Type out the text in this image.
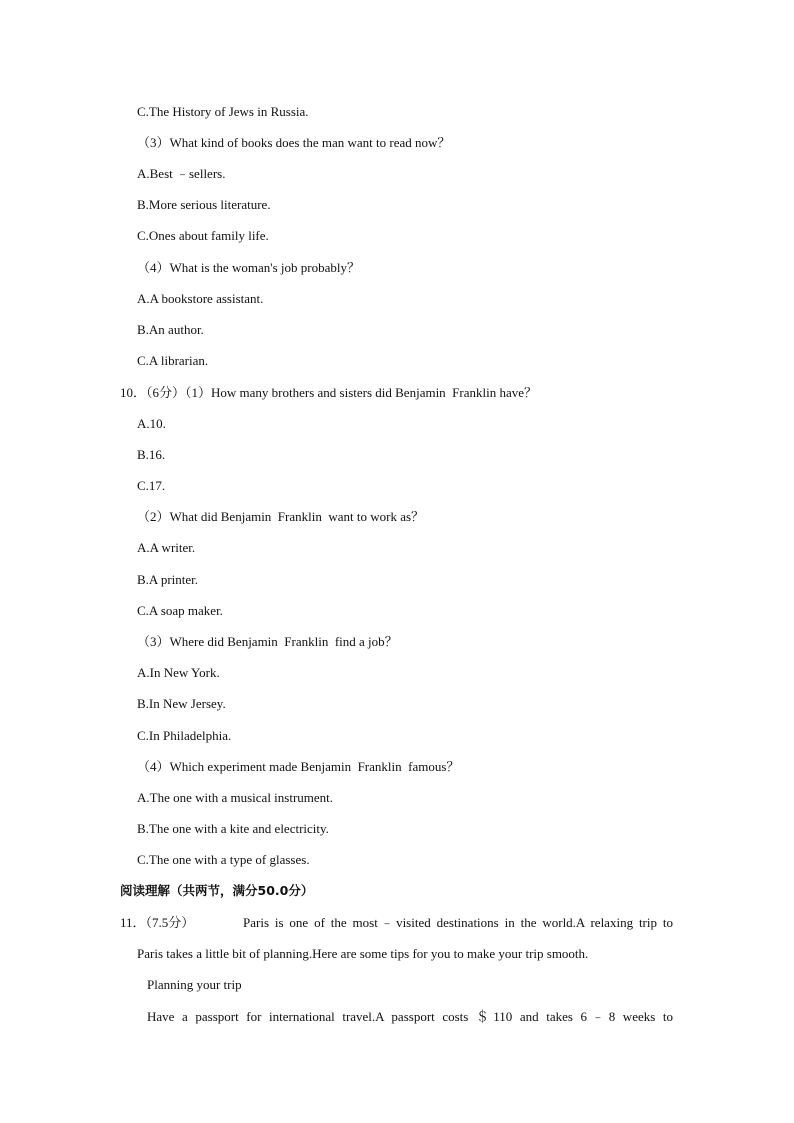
C.The History of Jews in Russia.
（3）What kind of books does the man want to read now？
A.Best ﹣sellers.
B.More serious literature.
C.Ones about family life.
（4）What is the woman's job probably？
A.A bookstore assistant.
B.An author.
C.A librarian.
10．（6分）（1）How many brothers and sisters did Benjamin  Franklin have？
A.10.
B.16.
C.17.
（2）What did Benjamin  Franklin  want to work as？
A.A writer.
B.A printer.
C.A soap maker.
（3）Where did Benjamin  Franklin  find a job？
A.In New York.
B.In New Jersey.
C.In Philadelphia.
（4）Which experiment made Benjamin  Franklin  famous？
A.The one with a musical instrument.
B.The one with a kite and electricity.
C.The one with a type of glasses.
阅读理解（共两节，满分50.0分）
11．（7.5分）	Paris is one of the most﹣visited destinations in the world.A relaxing trip to
Paris takes a little bit of planning.Here are some tips for you to make your trip smooth.
Planning your trip
Have a passport for international travel.A passport costs ＄110 and takes 6﹣8 weeks to
